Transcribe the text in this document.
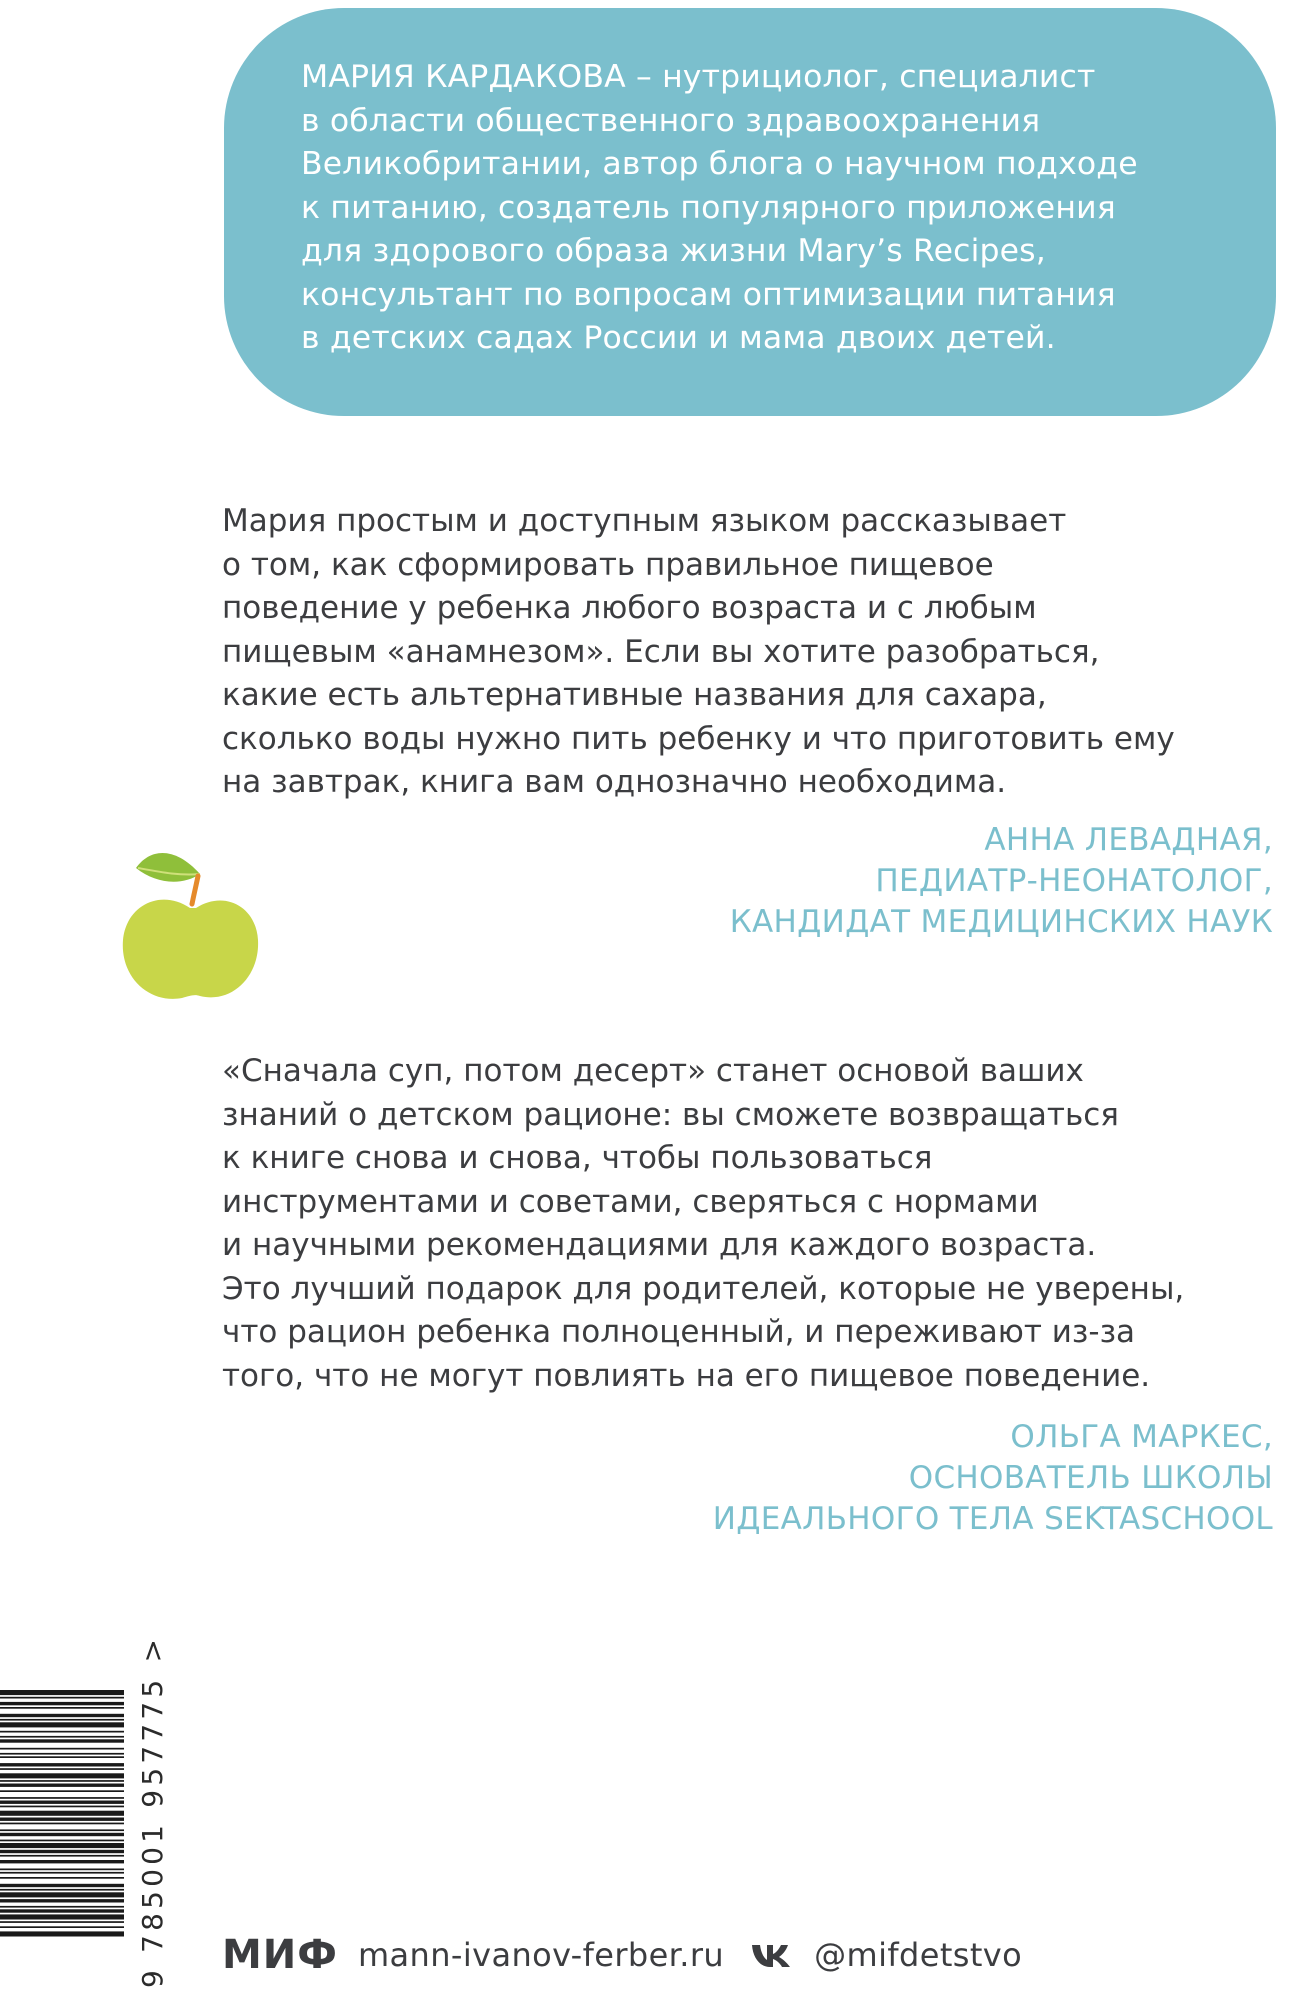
МАРИЯ КАРДАКОВА – нутрициолог, специалист
в области общественного здравоохранения
Великобритании, автор блога о научном подходе
к питанию, создатель популярного приложения
для здорового образа жизни Mary’s Recipes,
консультант по вопросам оптимизации питания
в детских садах России и мама двоих детей.

Мария простым и доступным языком рассказывает

о том, как сформировать правильное пищевое

поведение у ребенка любого возраста и с любым

пищевым «анамнезом». Если вы хотите разобраться,

какие есть альтернативные названия для сахара,

сколько воды нужно пить ребенку и что приготовить ему

на завтрак, книга вам однозначно необходима.

АННА ЛЕВАДНАЯ,
ПЕДИАТР-НЕОНАТОЛОГ,
КАНДИДАТ МЕДИЦИНСКИХ НАУК

«Сначала суп, потом десерт» станет основой ваших

знаний о детском рационе: вы сможете возвращаться

к книге снова и снова, чтобы пользоваться

инструментами и советами, сверяться с нормами

и научными рекомендациями для каждого возраста.

Это лучший подарок для родителей, которые не уверены,

что рацион ребенка полноценный, и переживают из-за

того, что не могут повлиять на его пищевое поведение.

ОЛЬГА МАРКЕС,
ОСНОВАТЕЛЬ ШКОЛЫ
ИДЕАЛЬНОГО ТЕЛА SEKTASCHOOL
9 785001 957775 > МИФ mann-ivanov-ferber.ru	@mifdetstvo
